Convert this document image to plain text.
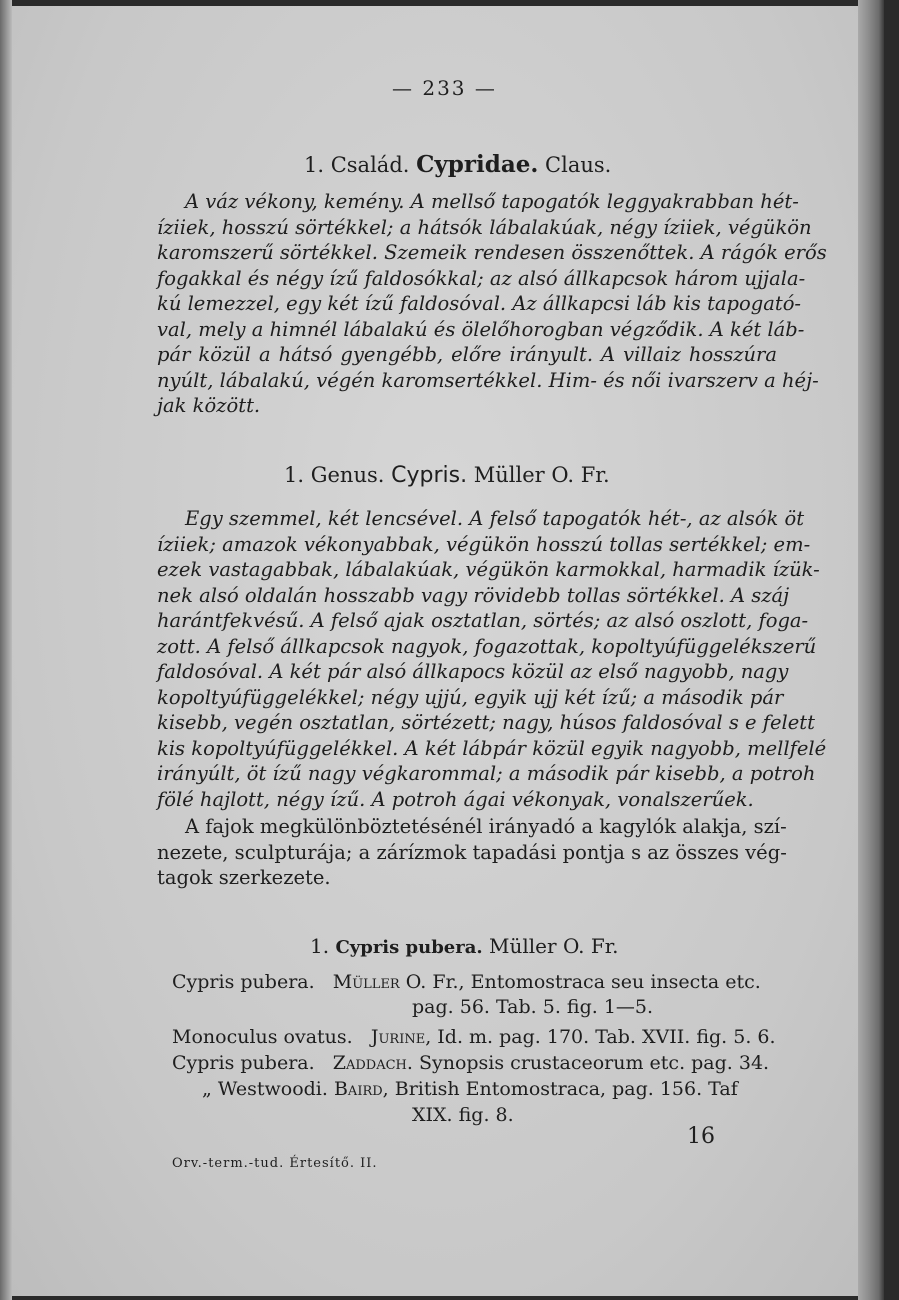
— 233 —
1. Család. Cypridae. Claus.
A váz vékony, kemény. A mellső tapogatók leggyakrabban hét-
íziiek, hosszú sörtékkel; a hátsók lábalakúak, négy íziiek, végükön
karomszerű sörtékkel. Szemeik rendesen összenőttek. A rágók erős
fogakkal és négy ízű faldosókkal; az alsó állkapcsok három ujjala-
kú lemezzel, egy két ízű faldosóval. Az állkapcsi láb kis tapogató-
val, mely a himnél lábalakú és ölelőhorogban végződik. A két láb-
pár közül a hátsó gyengébb, előre irányult. A villaiz hosszúra
nyúlt, lábalakú, végén karomsertékkel. Him- és női ivarszerv a héj-
jak között.
1. Genus. Cypris. Müller O. Fr.
Egy szemmel, két lencsével. A felső tapogatók hét-, az alsók öt
íziiek; amazok vékonyabbak, végükön hosszú tollas sertékkel; em-
ezek vastagabbak, lábalakúak, végükön karmokkal, harmadik ízük-
nek alsó oldalán hosszabb vagy rövidebb tollas sörtékkel. A száj
harántfekvésű. A felső ajak osztatlan, sörtés; az alsó oszlott, foga-
zott. A felső állkapcsok nagyok, fogazottak, kopoltyúfüggelékszerű
faldosóval. A két pár alsó állkapocs közül az első nagyobb, nagy
kopoltyúfüggelékkel; négy ujjú, egyik ujj két ízű; a második pár
kisebb, vegén osztatlan, sörtézett; nagy, húsos faldosóval s e felett
kis kopoltyúfüggelékkel. A két lábpár közül egyik nagyobb, mellfelé
irányúlt, öt ízű nagy végkarommal; a második pár kisebb, a potroh
fölé hajlott, négy ízű. A potroh ágai vékonyak, vonalszerűek.
A fajok megkülönböztetésénél irányadó a kagylók alakja, szí-
nezete, sculpturája; a zárízmok tapadási pontja s az összes vég-
tagok szerkezete.
1. Cypris pubera. Müller O. Fr.
Cypris pubera. Müller O. Fr., Entomostraca seu insecta etc.
pag. 56. Tab. 5. fig. 1—5.
Monoculus ovatus. Jurine, Id. m. pag. 170. Tab. XVII. fig. 5. 6.
Cypris pubera. Zaddach. Synopsis crustaceorum etc. pag. 34.
„ Westwoodi. Baird, British Entomostraca, pag. 156. Taf
XIX. fig. 8.
Orv.-term.-tud. Értesítő. II.
16
